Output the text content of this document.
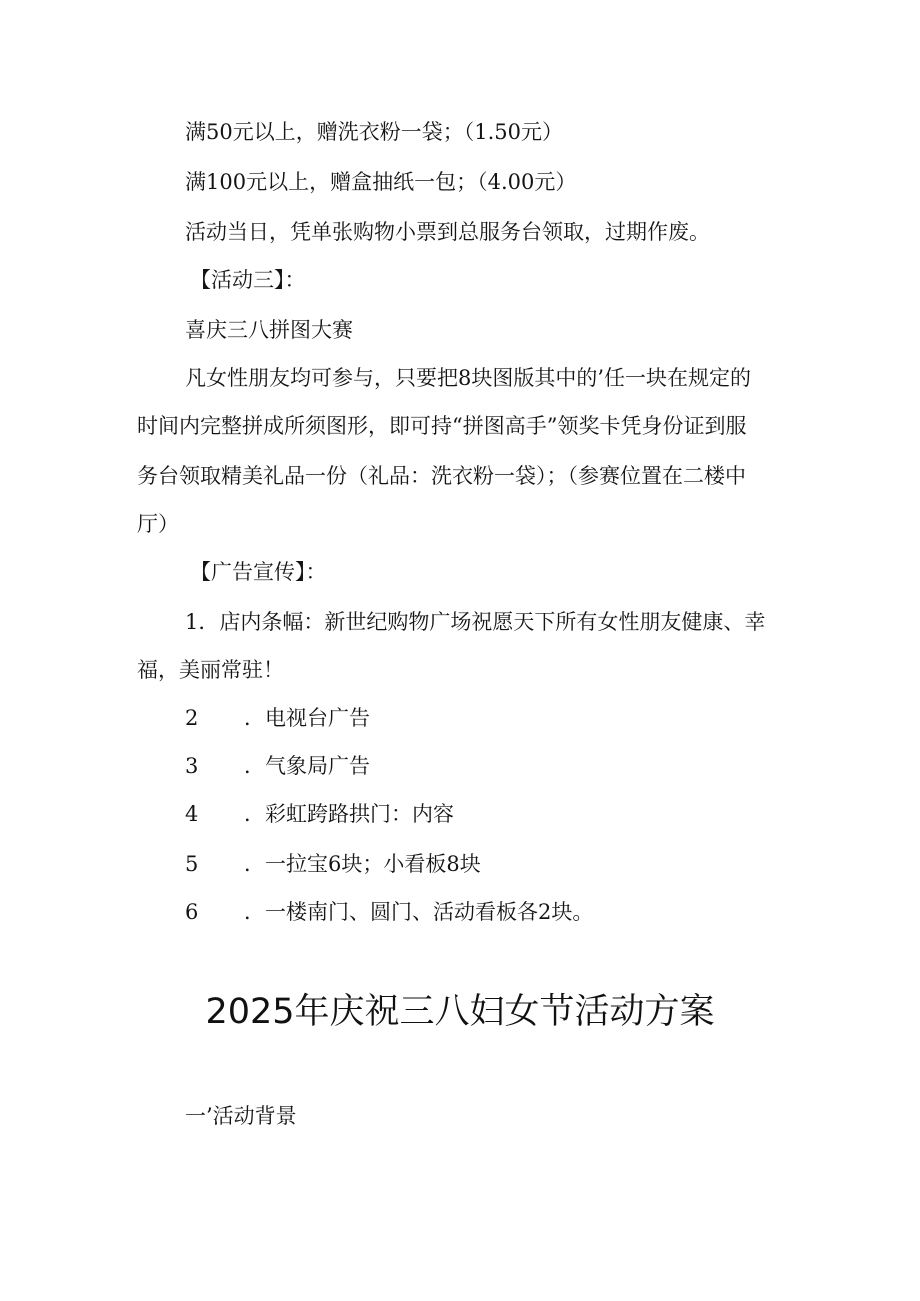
满50元以上，赠洗衣粉一袋；（1.50元）
满100元以上，赠盒抽纸一包；（4.00元）
活动当日，凭单张购物小票到总服务台领取，过期作废。
【活动三】：
喜庆三八拼图大赛
凡女性朋友均可参与，只要把8块图版其中的’任一块在规定的
时间内完整拼成所须图形，即可持“拼图高手”领奖卡凭身份证到服
务台领取精美礼品一份（礼品：洗衣粉一袋）；（参赛位置在二楼中
厅）
【广告宣传】：
1．店内条幅：新世纪购物广场祝愿天下所有女性朋友健康、幸
福，美丽常驻！
2 ．电视台广告
3 ．气象局广告
4 ．彩虹跨路拱门：内容
5 ．一拉宝6块；小看板8块
6 ．一楼南门、圆门、活动看板各2块。
2025年庆祝三八妇女节活动方案
一’活动背景
